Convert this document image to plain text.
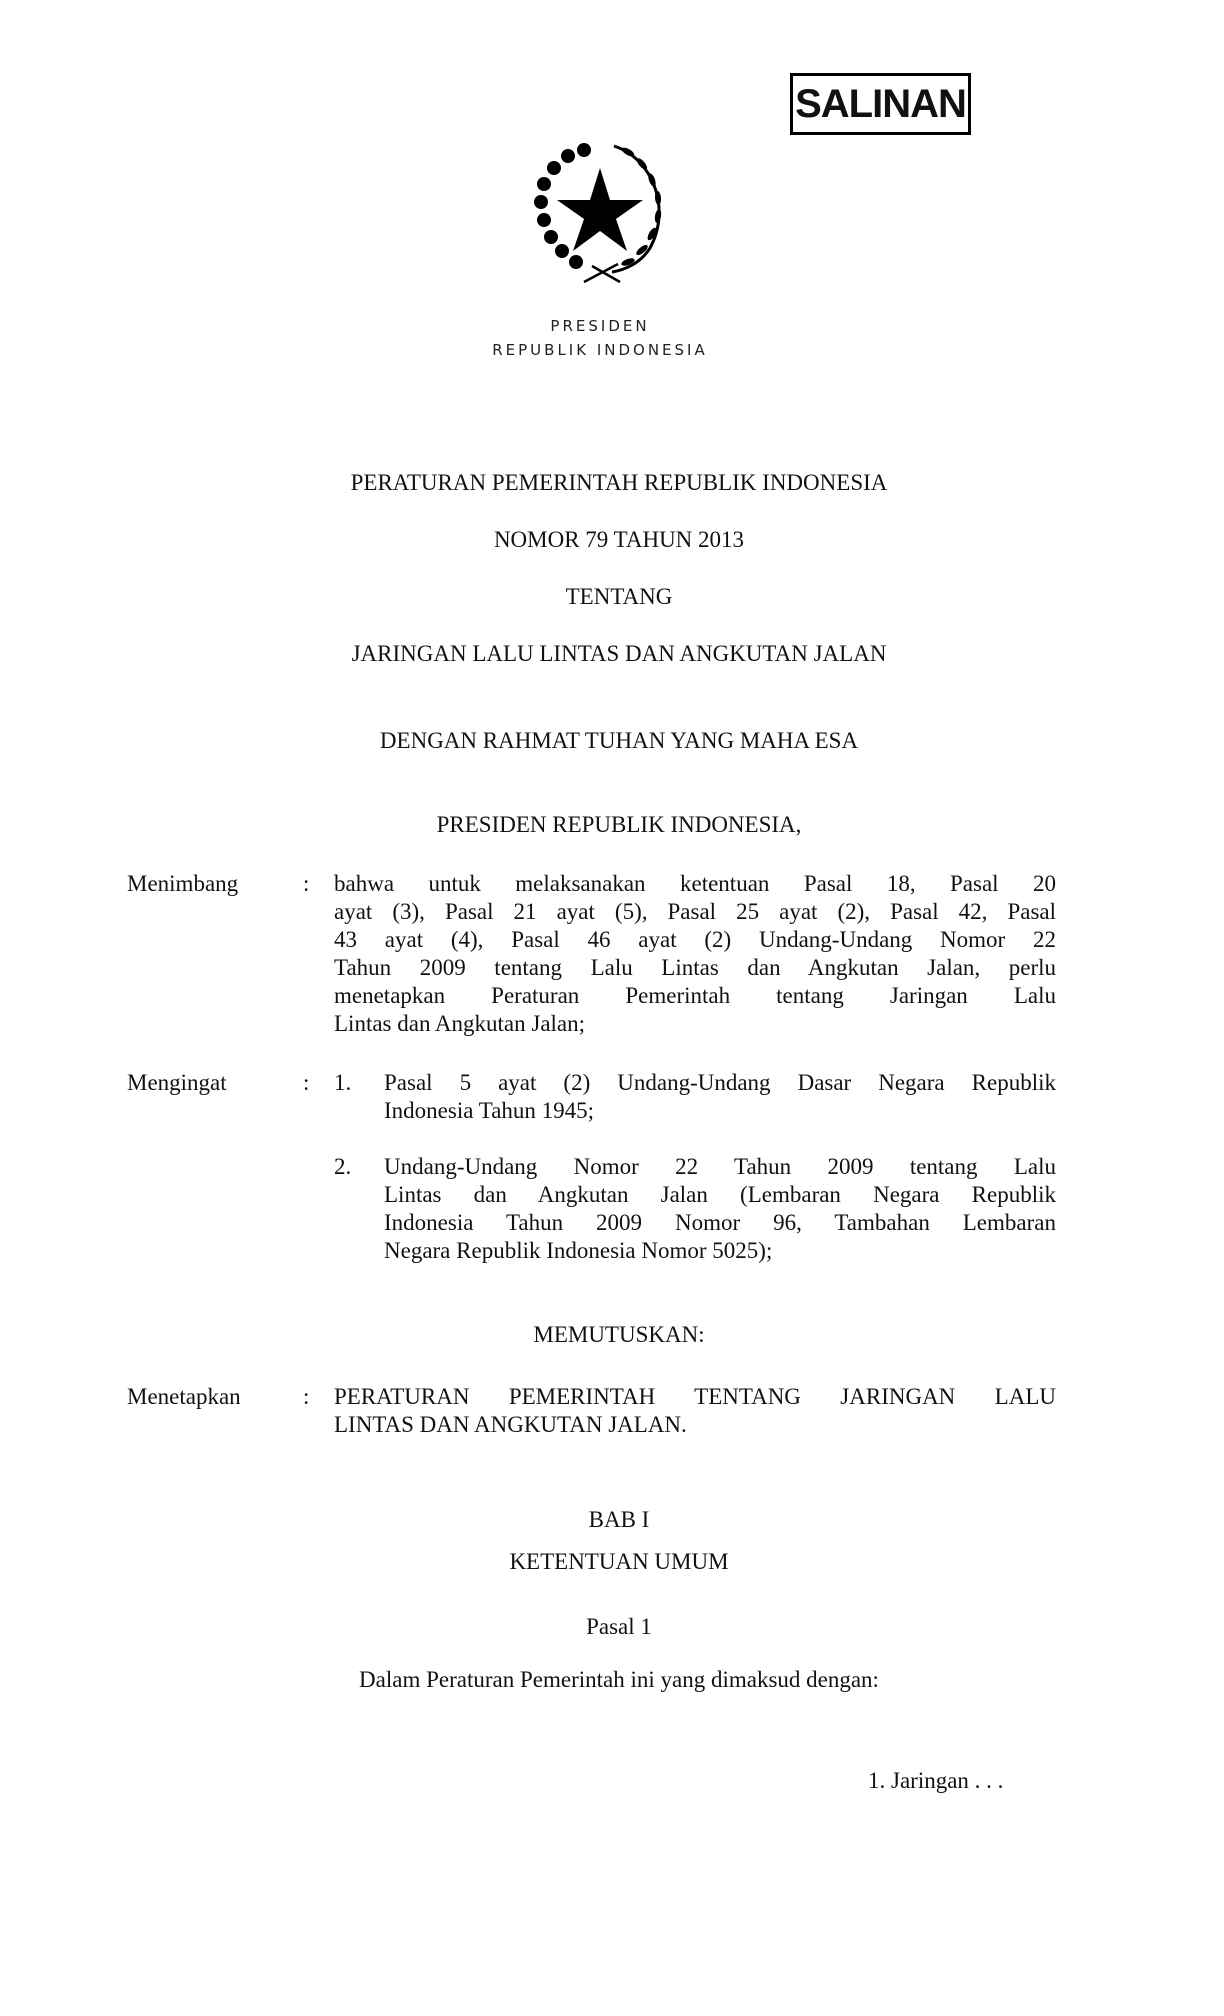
SALINAN
PRESIDEN
REPUBLIK INDONESIA
PERATURAN PEMERINTAH REPUBLIK INDONESIA
NOMOR 79 TAHUN 2013
TENTANG
JARINGAN LALU LINTAS DAN ANGKUTAN JALAN
DENGAN RAHMAT TUHAN YANG MAHA ESA
PRESIDEN REPUBLIK INDONESIA,
Menimbang	: bahwa untuk melaksanakan ketentuan Pasal 18, Pasal 20
ayat (3), Pasal 21 ayat (5), Pasal 25 ayat (2), Pasal 42, Pasal
43 ayat (4), Pasal 46 ayat (2) Undang-Undang Nomor 22
Tahun 2009 tentang Lalu Lintas dan Angkutan Jalan, perlu
menetapkan Peraturan Pemerintah tentang Jaringan Lalu
Lintas dan Angkutan Jalan;
Mengingat	: 1. Pasal 5 ayat (2) Undang-Undang Dasar Negara Republik
Indonesia Tahun 1945;
2. Undang-Undang Nomor 22 Tahun 2009 tentang Lalu
Lintas dan Angkutan Jalan (Lembaran Negara Republik
Indonesia Tahun 2009 Nomor 96, Tambahan Lembaran
Negara Republik Indonesia Nomor 5025);
MEMUTUSKAN:
Menetapkan	: PERATURAN PEMERINTAH TENTANG JARINGAN LALU
LINTAS DAN ANGKUTAN JALAN.
BAB I
KETENTUAN UMUM
Pasal 1
Dalam Peraturan Pemerintah ini yang dimaksud dengan:
1. Jaringan . . .
